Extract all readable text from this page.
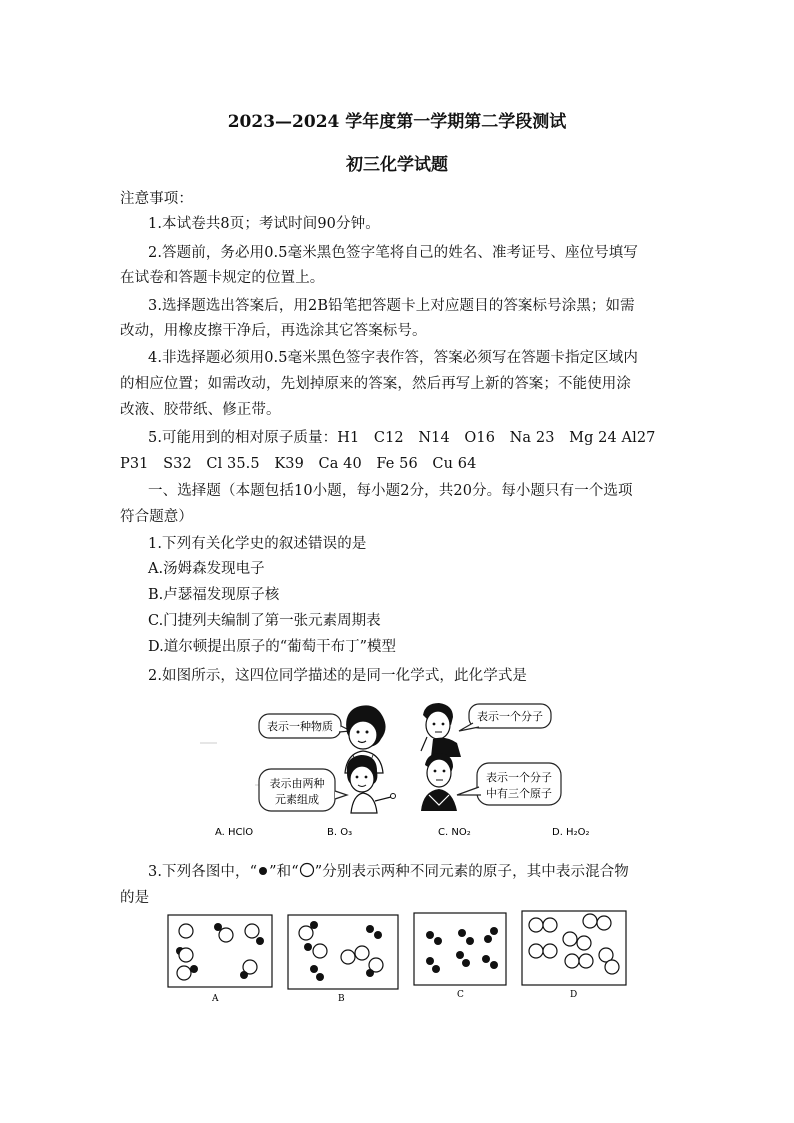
2023—2024 学年度第一学期第二学段测试
初三化学试题
注意事项：
1.本试卷共8页；考试时间90分钟。
2.答题前，务必用0.5毫米黑色签字笔将自己的姓名、准考证号、座位号填写
在试卷和答题卡规定的位置上。
3.选择题选出答案后，用2B铅笔把答题卡上对应题目的答案标号涂黑；如需
改动，用橡皮擦干净后，再选涂其它答案标号。
4.非选择题必须用0.5毫米黑色签字表作答，答案必须写在答题卡指定区域内
的相应位置；如需改动，先划掉原来的答案，然后再写上新的答案；不能使用涂
改液、胶带纸、修正带。
5.可能用到的相对原子质量：H1　C12　N14　O16　Na 23　Mg 24 Al27
P31　S32　Cl 35.5　K39　Ca 40　Fe 56　Cu 64
一、选择题（本题包括10小题，每小题2分，共20分。每小题只有一个选项
符合题意）
1.下列有关化学史的叙述错误的是
A.汤姆森发现电子
B.卢瑟福发现原子核
C.门捷列夫编制了第一张元素周期表
D.道尔顿提出原子的“葡萄干布丁”模型
2.如图所示，这四位同学描述的是同一化学式，此化学式是
表示一种物质
表示一个分子
表示由两种
元素组成
表示一个分子
中有三个原子
A. HClO	B. O₃	C. NO₂	D. H₂O₂
3.下列各图中，“ ”和“ ”分别表示两种不同元素的原子，其中表示混合物
的是
A	B	C	D
